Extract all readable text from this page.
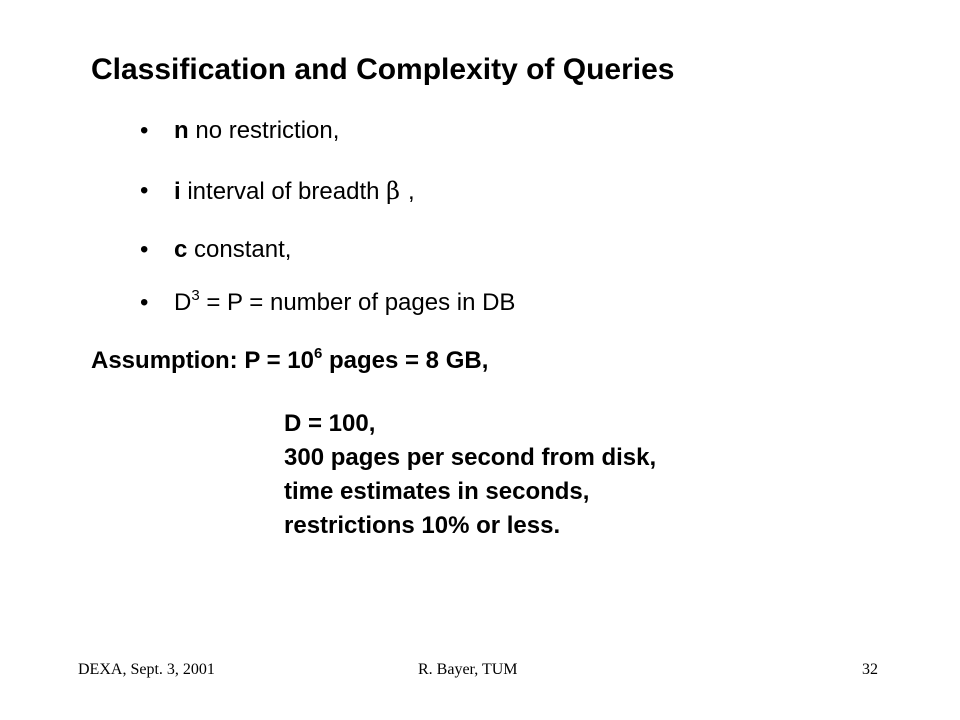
Classification and Complexity of Queries
•	n no restriction,
•	i interval of breadth β ,
•	c constant,
•	$D^3 = P$ = number of pages in DB
Assumption: $P = 10^6$ pages = 8 GB,
D = 100,
300 pages per second from disk,
time estimates in seconds,
restrictions 10% or less.
DEXA, Sept. 3, 2001	R. Bayer, TUM	32
